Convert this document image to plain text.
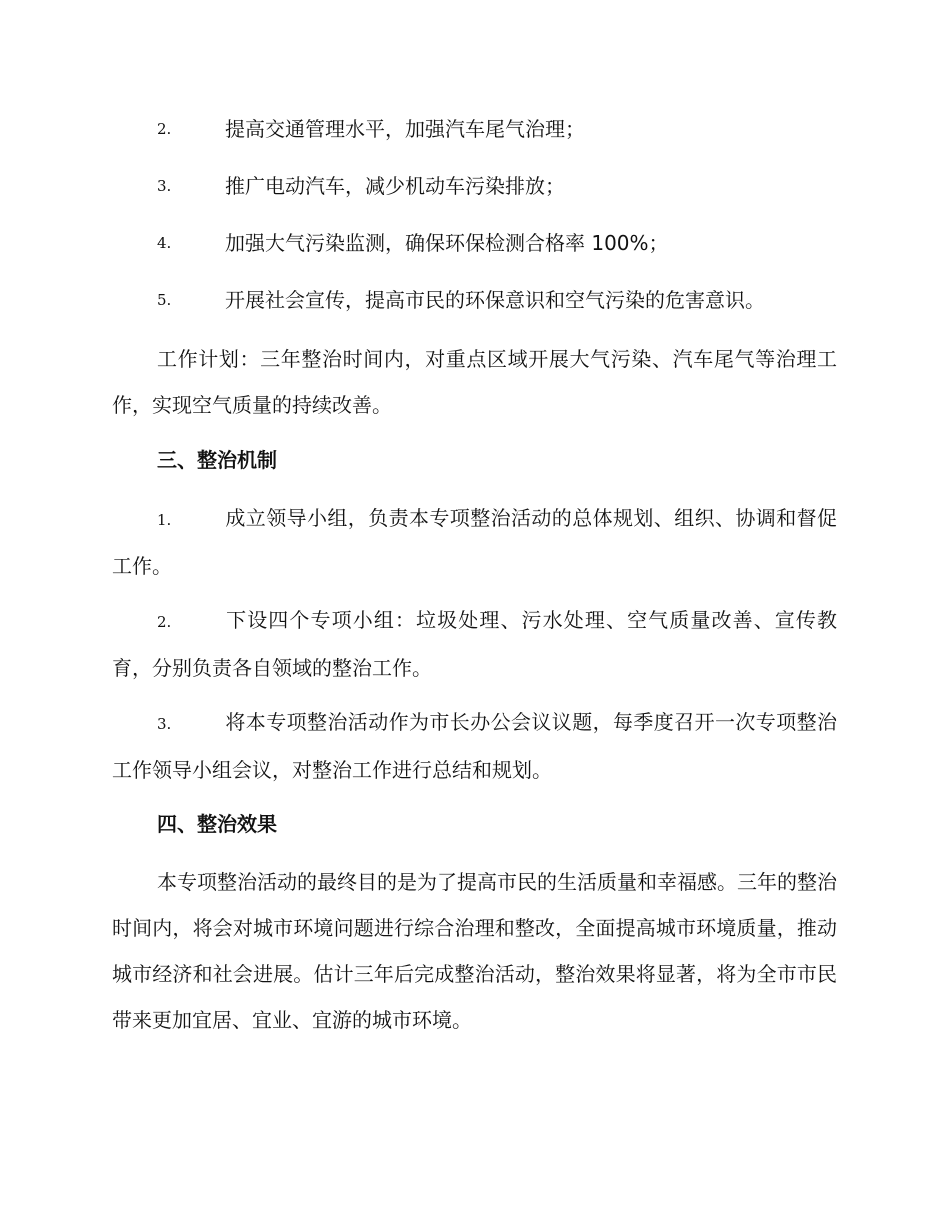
2.	提高交通管理水平，加强汽车尾气治理；
3.	推广电动汽车，减少机动车污染排放；
4.	加强大气污染监测，确保环保检测合格率 100%；
5.	开展社会宣传，提高市民的环保意识和空气污染的危害意识。
工作计划：三年整治时间内，对重点区域开展大气污染、汽车尾气等治理工作，实现空气质量的持续改善。
三、整治机制
1.	成立领导小组，负责本专项整治活动的总体规划、组织、协调和督促工作。
2.	下设四个专项小组：垃圾处理、污水处理、空气质量改善、宣传教育，分别负责各自领域的整治工作。
3.	将本专项整治活动作为市长办公会议议题，每季度召开一次专项整治工作领导小组会议，对整治工作进行总结和规划。
四、整治效果
本专项整治活动的最终目的是为了提高市民的生活质量和幸福感。三年的整治时间内，将会对城市环境问题进行综合治理和整改，全面提高城市环境质量，推动城市经济和社会进展。估计三年后完成整治活动，整治效果将显著，将为全市市民带来更加宜居、宜业、宜游的城市环境。
